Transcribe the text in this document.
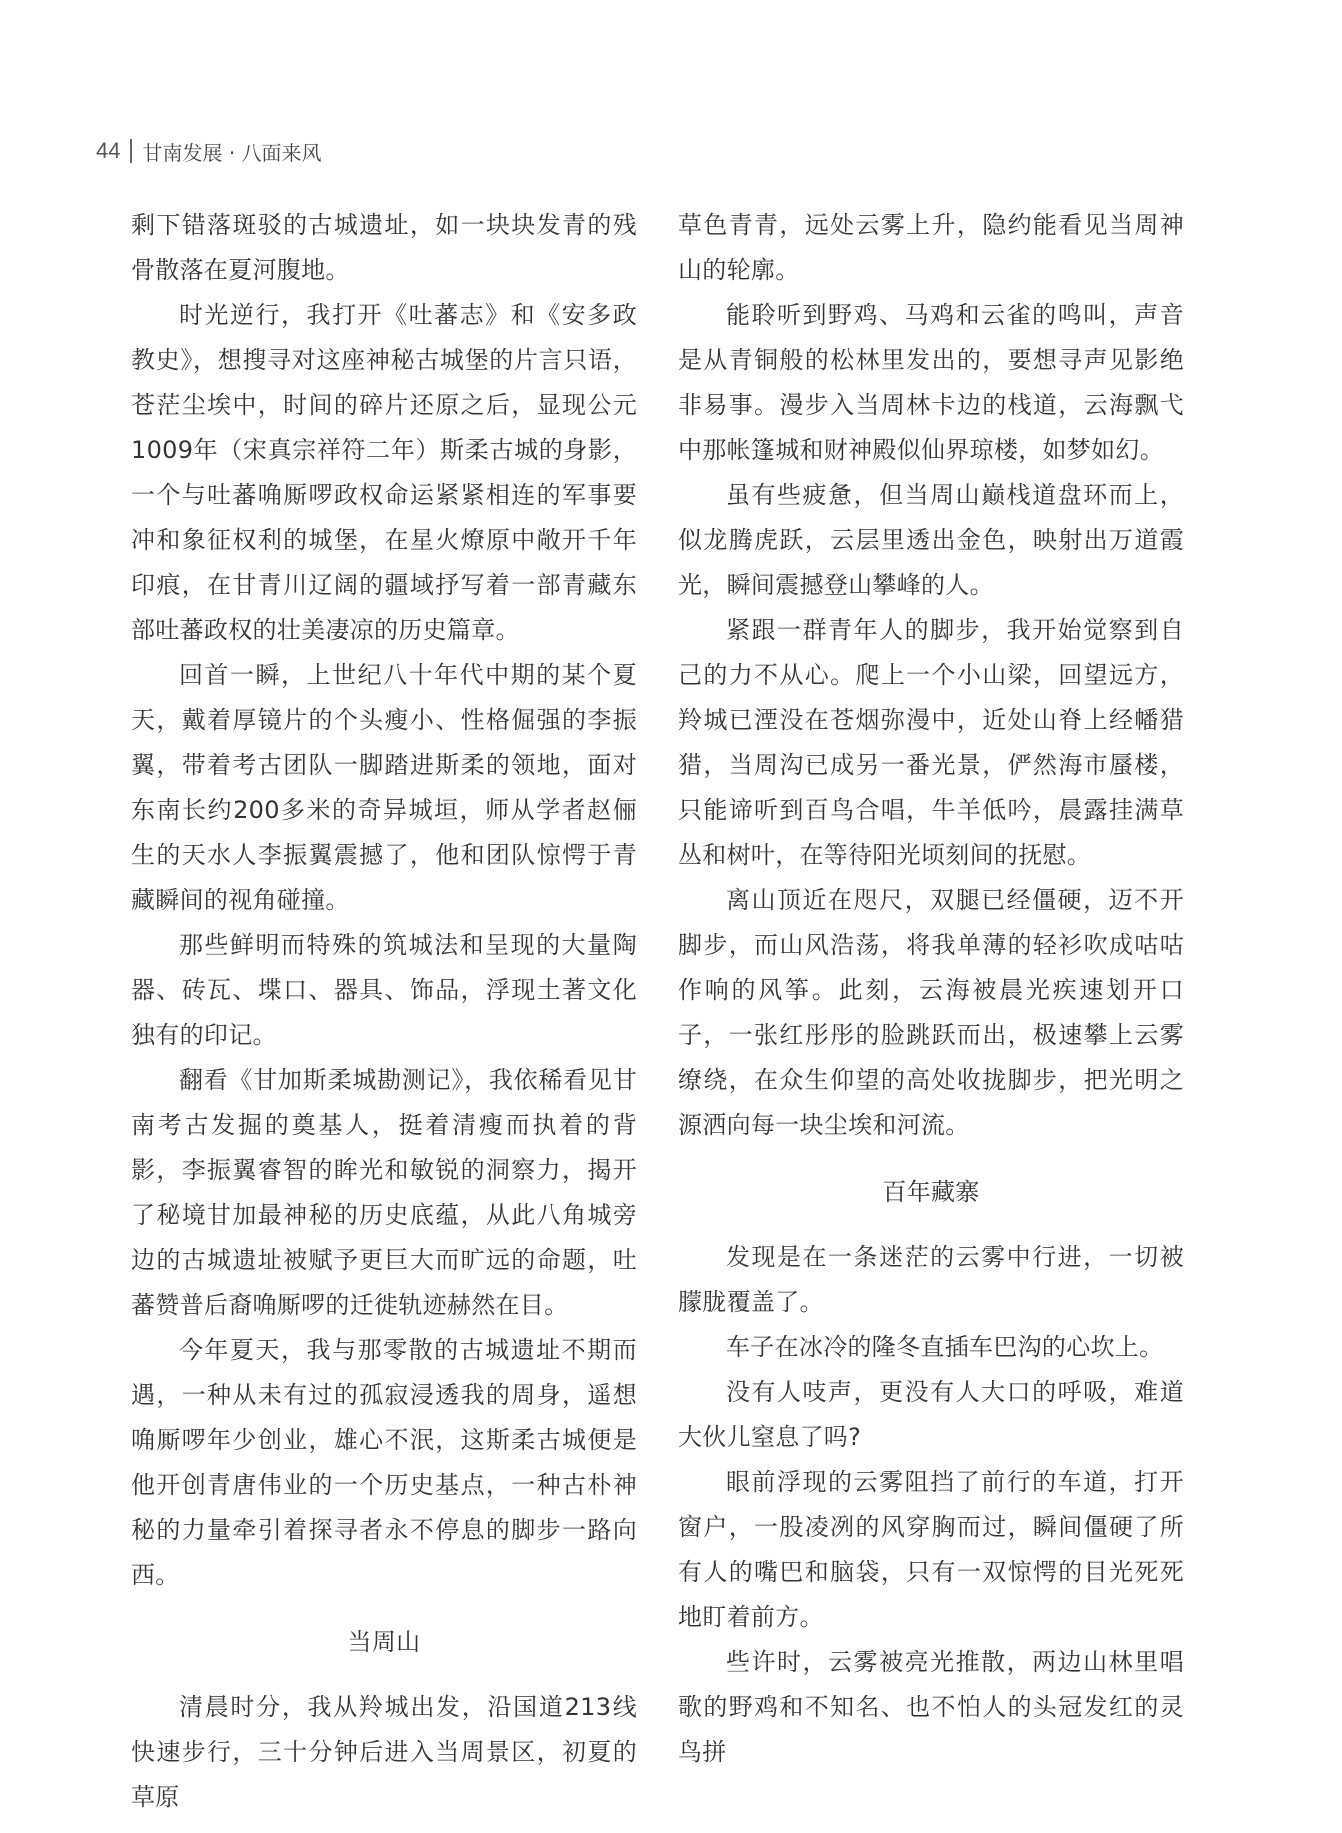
44 甘南发展 · 八面来风

剩下错落斑驳的古城遗址，如一块块发青的残骨散落在夏河腹地。

时光逆行，我打开《吐蕃志》和《安多政教史》，想搜寻对这座神秘古城堡的片言只语，苍茫尘埃中，时间的碎片还原之后，显现公元1009年（宋真宗祥符二年）斯柔古城的身影，一个与吐蕃唃厮啰政权命运紧紧相连的军事要冲和象征权利的城堡，在星火燎原中敞开千年印痕，在甘青川辽阔的疆域抒写着一部青藏东部吐蕃政权的壮美凄凉的历史篇章。

回首一瞬，上世纪八十年代中期的某个夏天，戴着厚镜片的个头瘦小、性格倔强的李振翼，带着考古团队一脚踏进斯柔的领地，面对东南长约200多米的奇异城垣，师从学者赵俪生的天水人李振翼震撼了，他和团队惊愕于青藏瞬间的视角碰撞。

那些鲜明而特殊的筑城法和呈现的大量陶器、砖瓦、堞口、器具、饰品，浮现土著文化独有的印记。

翻看《甘加斯柔城勘测记》，我依稀看见甘南考古发掘的奠基人，挺着清瘦而执着的背影，李振翼睿智的眸光和敏锐的洞察力，揭开了秘境甘加最神秘的历史底蕴，从此八角城旁边的古城遗址被赋予更巨大而旷远的命题，吐蕃赞普后裔唃厮啰的迁徙轨迹赫然在目。

今年夏天，我与那零散的古城遗址不期而遇，一种从未有过的孤寂浸透我的周身，遥想唃厮啰年少创业，雄心不泯，这斯柔古城便是他开创青唐伟业的一个历史基点，一种古朴神秘的力量牵引着探寻者永不停息的脚步一路向西。

当周山

清晨时分，我从羚城出发，沿国道213线快速步行，三十分钟后进入当周景区，初夏的草原

草色青青，远处云雾上升，隐约能看见当周神山的轮廓。

能聆听到野鸡、马鸡和云雀的鸣叫，声音是从青铜般的松林里发出的，要想寻声见影绝非易事。漫步入当周林卡边的栈道，云海飘弋中那帐篷城和财神殿似仙界琼楼，如梦如幻。

虽有些疲惫，但当周山巅栈道盘环而上，似龙腾虎跃，云层里透出金色，映射出万道霞光，瞬间震撼登山攀峰的人。

紧跟一群青年人的脚步，我开始觉察到自己的力不从心。爬上一个小山梁，回望远方，羚城已湮没在苍烟弥漫中，近处山脊上经幡猎猎，当周沟已成另一番光景，俨然海市蜃楼，只能谛听到百鸟合唱，牛羊低吟，晨露挂满草丛和树叶，在等待阳光顷刻间的抚慰。

离山顶近在咫尺，双腿已经僵硬，迈不开脚步，而山风浩荡，将我单薄的轻衫吹成咕咕作响的风筝。此刻，云海被晨光疾速划开口子，一张红彤彤的脸跳跃而出，极速攀上云雾缭绕，在众生仰望的高处收拢脚步，把光明之源洒向每一块尘埃和河流。

百年藏寨

发现是在一条迷茫的云雾中行进，一切被朦胧覆盖了。

车子在冰冷的隆冬直插车巴沟的心坎上。

没有人吱声，更没有人大口的呼吸，难道大伙儿窒息了吗?

眼前浮现的云雾阻挡了前行的车道，打开窗户，一股凌冽的风穿胸而过，瞬间僵硬了所有人的嘴巴和脑袋，只有一双惊愕的目光死死地盯着前方。

些许时，云雾被亮光推散，两边山林里唱歌的野鸡和不知名、也不怕人的头冠发红的灵鸟拼
